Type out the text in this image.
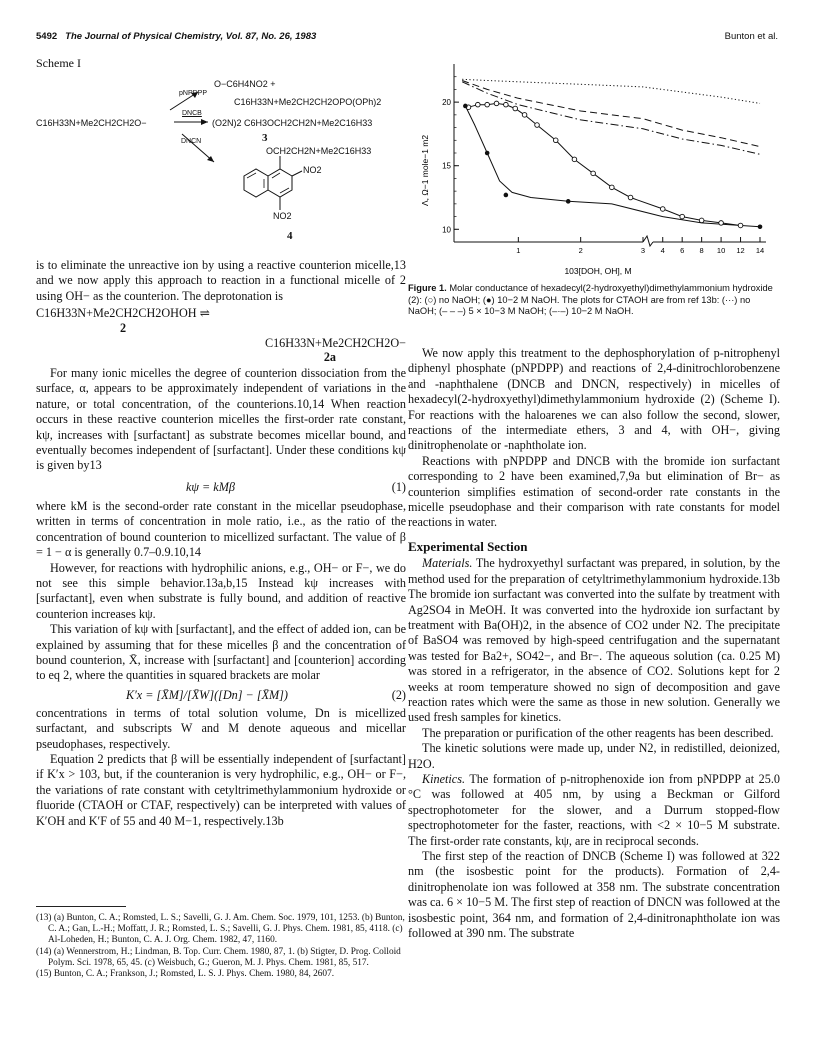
5492 The Journal of Physical Chemistry, Vol. 87, No. 26, 1983	Bunton et al.
Scheme I
C16H33N+Me2CH2CH2O−
pNPDPP
DNCB
DNCN
O−C6H4NO2 +
C16H33N+Me2CH2CH2OPO(OPh)2
(O2N)2 C6H3OCH2CH2N+Me2C16H33
3
OCH2CH2N+Me2C16H33
NO2
NO2
4

is to eliminate the unreactive ion by using a reactive counterion micelle,13 and we now apply this approach to reaction in a functional micelle of 2 using OH− as the counterion. The deprotonation is

C16H33N+Me2CH2CH2OHOH ⇌
2
C16H33N+Me2CH2CH2O−
2a

For many ionic micelles the degree of counterion dissociation from the surface, α, appears to be approximately independent of variations in the nature, or total concentration, of the counterions.10,14 When reaction occurs in these reactive counterion micelles the first-order rate constant, kψ, increases with [surfactant] as substrate becomes micellar bound, and eventually becomes independent of [surfactant]. Under these conditions kψ is given by13

kψ = kMβ	(1)

where kM is the second-order rate constant in the micellar pseudophase, written in terms of concentration in mole ratio, i.e., as the ratio of the concentration of bound counterion to micellized surfactant. The value of β = 1 − α is generally 0.7–0.9.10,14

However, for reactions with hydrophilic anions, e.g., OH− or F−, we do not see this simple behavior.13a,b,15 Instead kψ increases with [surfactant], even when substrate is fully bound, and addition of reactive counterion increases kψ.

This variation of kψ with [surfactant], and the effect of added ion, can be explained by assuming that for these micelles β and the concentration of bound counterion, X̄, increase with [surfactant] and [counterion] according to eq 2, where the quantities in squared brackets are molar

K′x = [X̄M]/[X̄W]([Dn] − [X̄M])	(2)

concentrations in terms of total solution volume, Dn is micellized surfactant, and subscripts W and M denote aqueous and micellar pseudophases, respectively.

Equation 2 predicts that β will be essentially independent of [surfactant] if K′x > 103, but, if the counteranion is very hydrophilic, e.g., OH− or F−, the variations of rate constant with cetyltrimethylammonium hydroxide or fluoride (CTAOH or CTAF, respectively) can be interpreted with values of K′OH and K′F of 55 and 40 M−1, respectively.13b

(13) (a) Bunton, C. A.; Romsted, L. S.; Savelli, G. J. Am. Chem. Soc. 1979, 101, 1253. (b) Bunton, C. A.; Gan, L.-H.; Moffatt, J. R.; Romsted, L. S.; Savelli, G. J. Phys. Chem. 1981, 85, 4118. (c) Al-Loheden, H.; Bunton, C. A. J. Org. Chem. 1982, 47, 1160.

(14) (a) Wennerstrom, H.; Lindman, B. Top. Curr. Chem. 1980, 87, 1. (b) Stigter, D. Prog. Colloid Polym. Sci. 1978, 65, 45. (c) Weisbuch, G.; Gueron, M. J. Phys. Chem. 1981, 85, 517.

(15) Bunton, C. A.; Frankson, J.; Romsted, L. S. J. Phys. Chem. 1980, 84, 2607.

10
15
20
1	2	3 4 6 8 10 12 14
Λ, Ω−1 mole−1 m2
103[DOH, OH], M
Figure 1. Molar conductance of hexadecyl(2-hydroxyethyl)dimethylammonium hydroxide (2): (○) no NaOH; (●) 10−2 M NaOH. The plots for CTAOH are from ref 13b: (···) no NaOH; (– – –) 5 × 10−3 M NaOH; (–·–) 10−2 M NaOH.

We now apply this treatment to the dephosphorylation of p-nitrophenyl diphenyl phosphate (pNPDPP) and reactions of 2,4-dinitrochlorobenzene and -naphthalene (DNCB and DNCN, respectively) in micelles of hexadecyl(2-hydroxyethyl)dimethylammonium hydroxide (2) (Scheme I). For reactions with the haloarenes we can also follow the second, slower, reactions of the intermediate ethers, 3 and 4, with OH−, giving dinitrophenolate or -naphtholate ion.

Reactions with pNPDPP and DNCB with the bromide ion surfactant corresponding to 2 have been examined,7,9a but elimination of Br− as counterion simplifies estimation of second-order rate constants in the micelle pseudophase and their comparison with rate constants for model reactions in water.

Experimental Section

Materials. The hydroxyethyl surfactant was prepared, in solution, by the method used for the preparation of cetyltrimethylammonium hydroxide.13b The bromide ion surfactant was converted into the sulfate by treatment with Ag2SO4 in MeOH. It was converted into the hydroxide ion surfactant by treatment with Ba(OH)2, in the absence of CO2 under N2. The precipitate of BaSO4 was removed by high-speed centrifugation and the supernatant was tested for Ba2+, SO42−, and Br−. The aqueous solution (ca. 0.25 M) was stored in a refrigerator, in the absence of CO2. Solutions kept for 2 weeks at room temperature showed no sign of decomposition and gave reaction rates which were the same as those in new solution. Generally we used fresh samples for kinetics.

The preparation or purification of the other reagents has been described.

The kinetic solutions were made up, under N2, in redistilled, deionized, H2O.

Kinetics. The formation of p-nitrophenoxide ion from pNPDPP at 25.0 °C was followed at 405 nm, by using a Beckman or Gilford spectrophotometer for the slower, and a Durrum stopped-flow spectrophotometer for the faster, reactions, with <2 × 10−5 M substrate. The first-order rate constants, kψ, are in reciprocal seconds.

The first step of the reaction of DNCB (Scheme I) was followed at 322 nm (the isosbestic point for the products). Formation of 2,4-dinitrophenolate ion was followed at 358 nm. The substrate concentration was ca. 6 × 10−5 M. The first step of reaction of DNCN was followed at the isosbestic point, 364 nm, and formation of 2,4-dinitronaphtholate ion was followed at 390 nm. The substrate
